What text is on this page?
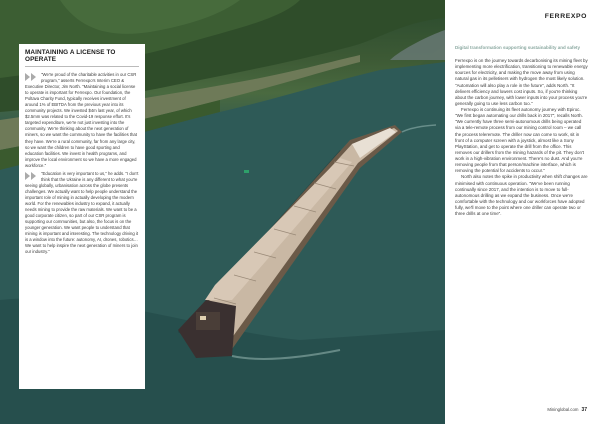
MAINTAINING A LICENSE TO OPERATE

"We're proud of the charitable activities in our CSR program," asserts Ferrexpo's Interim CEO & Executive Director, Jim North. "Maintaining a social license to operate is important for Ferrexpo. Our foundation, the Poltava Charity Fund, typically receives investment of around 1% of EBITDA from the previous year into its community projects. We invested $4m last year, of which $2.5mm was related to the Covid-19 response effort. It's targeted expenditure, we're not just investing into the community. We're thinking about the next generation of miners, so we want the community to have the facilities that they have. We're a rural community, far from any large city, so we want the children to have good sporting and education facilities. We invest in health programs, and improve the local environment so we have a more engaged workforce."

"Education is very important to us," he adds. "I don't think that the Ukraine is any different to what you're seeing globally, urbanisation across the globe presents challenges. We actually want to help people understand the important role of mining in actually developing the modern world. For the renewables industry to expand, it actually needs mining to provide the raw materials. We want to be a good corporate citizen, so part of our CSR program is supporting our communities, but also, the focus is on the younger generation. We want people to understand that mining is important and interesting. The technology driving it is a window into the future: autonomy, AI, drones, robotics… We want to help inspire the next generation of miners to join our industry."

FERREXPO
Digital transformation supporting sustainability and safety

Ferrexpo is on the journey towards decarbonising its mining fleet by implementing more electrification, transitioning to renewable energy sources for electricity, and making the move away from using natural gas in its pelletisers with hydrogen the most likely solution. "Automation will also play a role in the future", adds North. "It delivers efficiency and lowers cost inputs. So, if you're thinking about the carbon journey, with lower inputs into your process you're generally going to use less carbon too."

Ferrexpo is continuing its fleet autonomy journey with Epiroc. "We first began automating our drills back in 2017", recalls North. "We currently have three semi-autonomous drills being operated via a tele-remote process from our mining control room – we call the process teleremote. The driller now can come to work, sit in front of a computer screen with a joystick, almost like a Sony PlayStation, and get to operate the drill from the office. This removes our drillers from the mining hazards of the pit. They don't work in a high-vibration environment. There's no dust. And you're removing people from that person/machine interface, which is removing the potential for accidents to occur."

North also notes the spike in productivity when shift changes are minimised with continuous operation. "We've been running continually since 2017, and the intention is to move to full-autonomous drilling as we expand the business. Once we're comfortable with the technology and our workforces have adopted fully, we'll move to the point where one driller can operate two or three drills at one time".

Mininglobal.com 37
